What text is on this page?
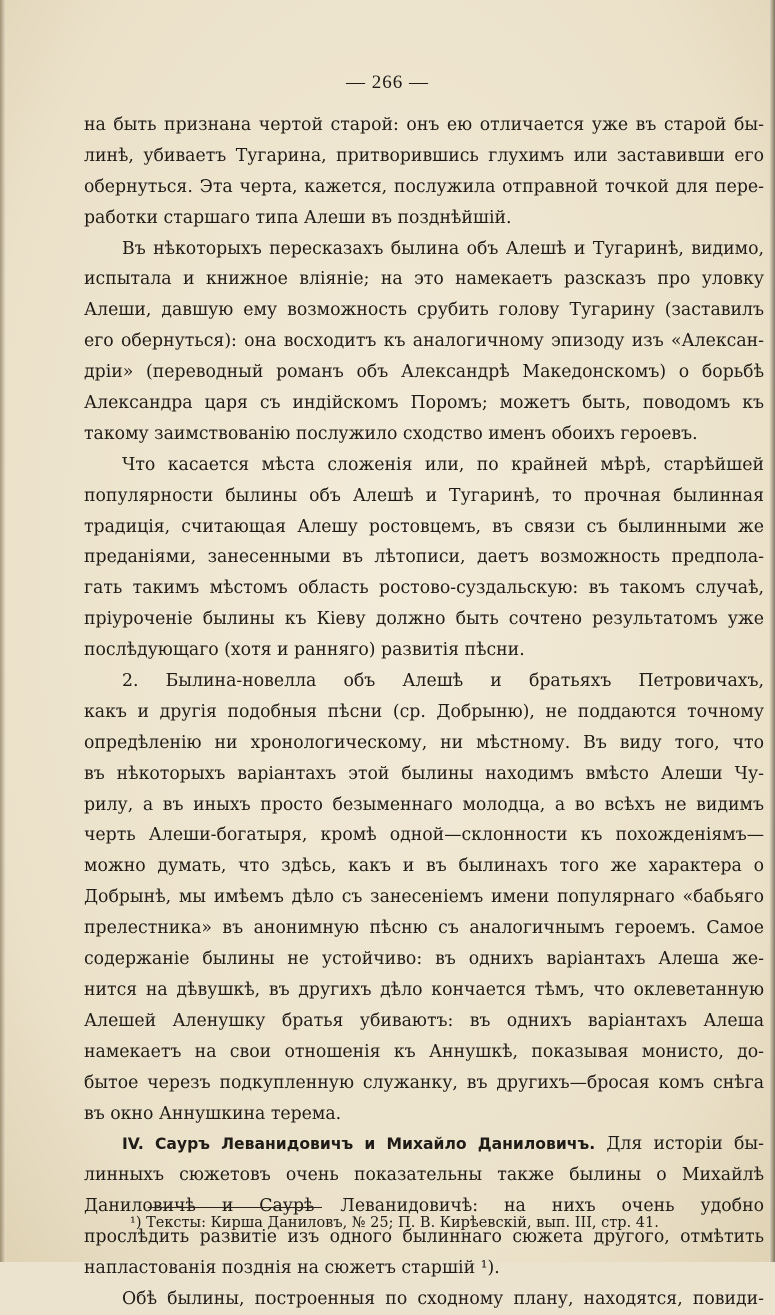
— 266 —
на быть признана чертой старой: онъ ею отличается уже въ старой бы-
линѣ, убиваетъ Тугарина, притворившись глухимъ или заставивши его
обернуться. Эта черта, кажется, послужила отправной точкой для пере-
работки старшаго типа Алеши въ позднѣйшій.
Въ нѣкоторыхъ пересказахъ былина объ Алешѣ и Тугаринѣ, видимо,
испытала и книжное вліяніе; на это намекаетъ разсказъ про уловку
Алеши, давшую ему возможность срубить голову Тугарину (заставилъ
его обернуться): она восходитъ къ аналогичному эпизоду изъ «Алексан-
дріи» (переводный романъ объ Александрѣ Македонскомъ) о борьбѣ
Александра царя съ индійскомъ Поромъ; можетъ быть, поводомъ къ
такому заимствованію послужило сходство именъ обоихъ героевъ.
Что касается мѣста сложенія или, по крайней мѣрѣ, старѣйшей
популярности былины объ Алешѣ и Тугаринѣ, то прочная былинная
традиція, считающая Алешу ростовцемъ, въ связи съ былинными же
преданіями, занесенными въ лѣтописи, даетъ возможность предпола-
гать такимъ мѣстомъ область ростово-суздальскую: въ такомъ случаѣ,
пріуроченіе былины къ Кіеву должно быть сочтено результатомъ уже
послѣдующаго (хотя и ранняго) развитія пѣсни.
2. Былина-новелла объ Алешѣ и братьяхъ Петровичахъ,
какъ и другія подобныя пѣсни (ср. Добрыню), не поддаются точному
опредѣленію ни хронологическому, ни мѣстному. Въ виду того, что
въ нѣкоторыхъ варіантахъ этой былины находимъ вмѣсто Алеши Чу-
рилу, а въ иныхъ просто безыменнаго молодца, а во всѣхъ не видимъ
черть Алеши-богатыря, кромѣ одной—склонности къ похожденіямъ—
можно думать, что здѣсь, какъ и въ былинахъ того же характера о
Добрынѣ, мы имѣемъ дѣло съ занесеніемъ имени популярнаго «бабьяго
прелестника» въ анонимную пѣсню съ аналогичнымъ героемъ. Самое
содержаніе былины не устойчиво: въ однихъ варіантахъ Алеша же-
нится на дѣвушкѣ, въ другихъ дѣло кончается тѣмъ, что оклеветанную
Алешей Аленушку братья убиваютъ: въ однихъ варіантахъ Алеша
намекаетъ на свои отношенія къ Аннушкѣ, показывая монисто, до-
бытое черезъ подкупленную служанку, въ другихъ—бросая комъ снѣга
въ окно Аннушкина терема.
IV. Сауръ Леванидовичъ и Михайло Даниловичъ. Для исторіи бы-
линныхъ сюжетовъ очень показательны также былины о Михайлѣ
Даниловичѣ и Саурѣ Леванидовичѣ: на нихъ очень удобно
прослѣдить развитіе изъ одного былиннаго сюжета другого, отмѣтить
напластованія позднія на сюжетъ старшій ¹).
Обѣ былины, построенныя по сходному плану, находятся, повиди-
¹) Тексты: Кирша Даниловъ, № 25; П. В. Кирѣевскій, вып. III, стр. 41.
